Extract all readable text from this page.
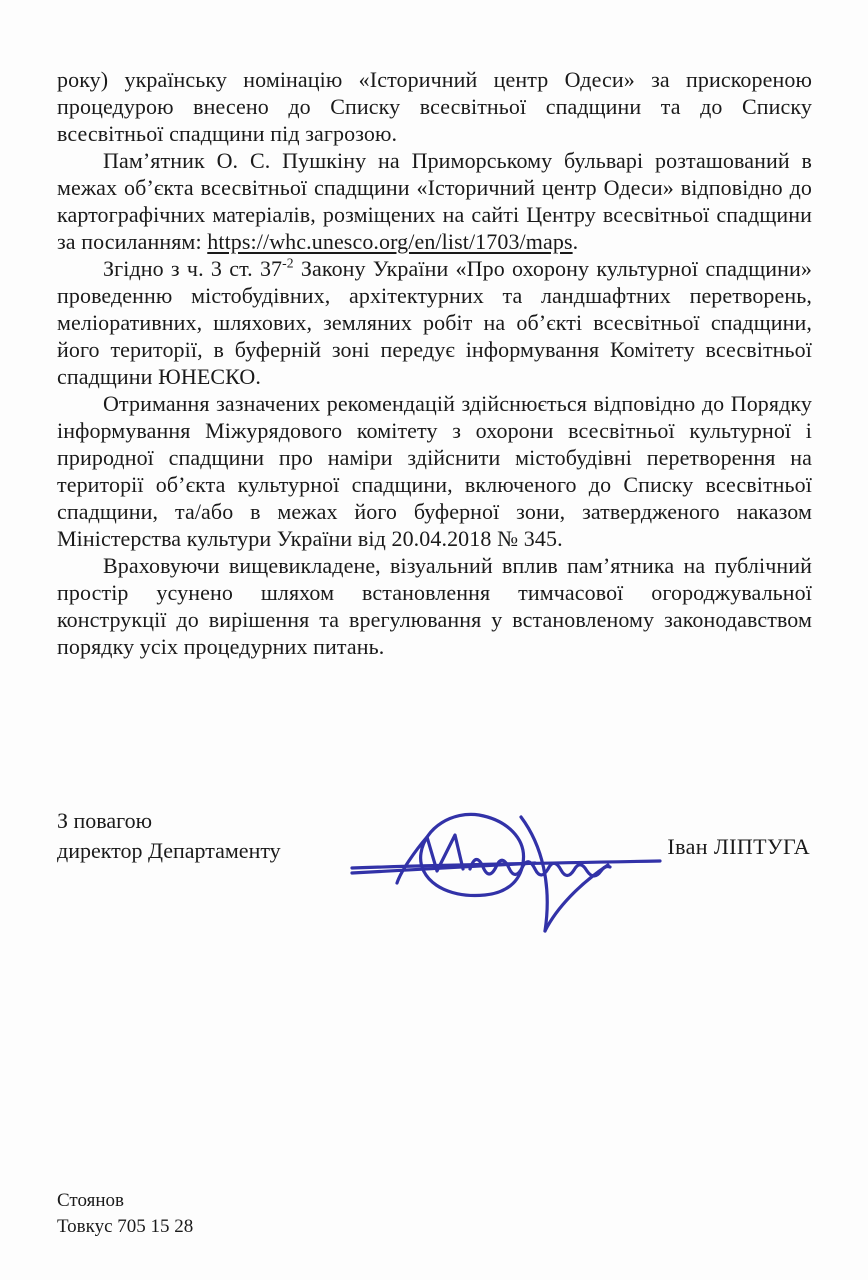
року) українську номінацію «Історичний центр Одеси» за прискореною процедурою внесено до Списку всесвітньої спадщини та до Списку всесвітньої спадщини під загрозою.

Пам’ятник О. С. Пушкіну на Приморському бульварі розташований в межах об’єкта всесвітньої спадщини «Історичний центр Одеси» відповідно до картографічних матеріалів, розміщених на сайті Центру всесвітньої спадщини за посиланням: https://whc.unesco.org/en/list/1703/maps.

Згідно з ч. 3 ст. 37$^{-2}$ Закону України «Про охорону культурної спадщини» проведенню містобудівних, архітектурних та ландшафтних перетворень, меліоративних, шляхових, земляних робіт на об’єкті всесвітньої спадщини, його території, в буферній зоні передує інформування Комітету всесвітньої спадщини ЮНЕСКО.

Отримання зазначених рекомендацій здійснюється відповідно до Порядку інформування Міжурядового комітету з охорони всесвітньої культурної і природної спадщини про наміри здійснити містобудівні перетворення на території об’єкта культурної спадщини, включеного до Списку всесвітньої спадщини, та/або в межах його буферної зони, затвердженого наказом Міністерства культури України від 20.04.2018 № 345.

Враховуючи вищевикладене, візуальний вплив пам’ятника на публічний простір усунено шляхом встановлення тимчасової огороджувальної конструкції до вирішення та врегулювання у встановленому законодавством порядку усіх процедурних питань.

З повагою
директор Департаменту	Іван ЛІПТУГА
Стоянов
Товкус 705 15 28
